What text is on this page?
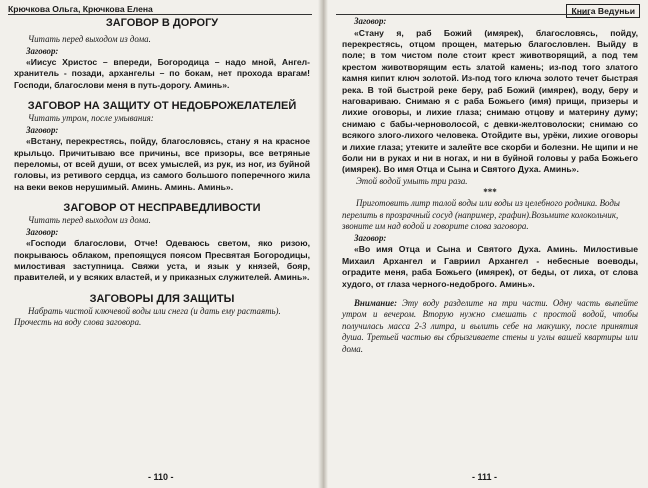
Крючкова Ольга, Крючкова Елена
ЗАГОВОР В ДОРОГУ

Читать перед выходом из дома.

Заговор:

«Иисус Христос – впереди, Богородица – надо мной, Ангел-хранитель - позади, архангелы – по бокам, нет прохода врагам! Господи, благослови меня в путь-дорогу. Аминь».

ЗАГОВОР НА ЗАЩИТУ ОТ НЕДОБРОЖЕЛАТЕЛЕЙ

Читать утром, после умывания:

Заговор:

«Встану, перекрестясь, пойду, благословясь, стану я на красное крыльцо. Причитываю все причины, все призоры, все ветряные переломы, от всей души, от всех умыслей, из рук, из ног, из буйной головы, из ретивого сердца, из самого большого поперечного жила на веки веков нерушимый. Аминь. Аминь. Аминь».

ЗАГОВОР ОТ НЕСПРАВЕДЛИВОСТИ

Читать перед выходом из дома.

Заговор:

«Господи благослови, Отче! Одеваюсь светом, яко ризою, покрываюсь облаком, препоящуся поясом Пресвятая Богородицы, милостивая заступница. Свяжи уста, и язык у князей, бояр, правителей, и у всяких властей, и у приказных служителей. Аминь».

ЗАГОВОРЫ ДЛЯ ЗАЩИТЫ

Набрать чистой ключевой воды или снега (и дать ему растаять). Прочесть на воду слова заговора.

- 110 -
Книга Ведуньи

Заговор:

«Стану я, раб Божий (имярек), благословясь, пойду, перекрестясь, отцом прощен, матерью благословлен. Выйду в поле; в том чистом поле стоит крест животворящий, а под тем крестом животворящим есть златой камень; из-под того златого камня кипит ключ золотой. Из-под того ключа золото течет быстрая река. В той быстрой реке беру, раб Божий (имярек), воду, беру и наговариваю. Снимаю я с раба Божьего (имя) прищи, призеры и лихие оговоры, и лихие глаза; снимаю отцову и материну думу; снимаю с бабы-черноволосой, с девки-желтоволоски; снимаю со всякого злого-лихого человека. Отойдите вы, урёки, лихие оговоры и лихие глаза; утеките и залейте все скорби и болезни. Не щипи и не боли ни в руках и ни в ногах, и ни в буйной головы у раба Божьего (имярек). Во имя Отца и Сына и Святого Духа. Аминь».

Этой водой умыть три раза.

***

Приготовить литр талой воды или воды из целебного родника. Воды перелить в прозрачный сосуд (например, графин).Возьмите колокольчик, звоните им над водой и говорите слова заговора.

Заговор:

«Во имя Отца и Сына и Святого Духа. Аминь. Милостивые Михаил Архангел и Гавриил Архангел - небесные воеводы, оградите меня, раба Божьего (имярек), от беды, от лиха, от слова худого, от глаза черного-недоброго. Аминь».

Внимание: Эту воду разделите на три части. Одну часть выпейте утром и вечером. Вторую нужно смешать с простой водой, чтобы получилась масса 2-3 литра, и вылить себе на макушку, после принятия душа. Третьей частью вы сбрызгиваете стены и углы вашей квартиры или дома.

- 111 -
